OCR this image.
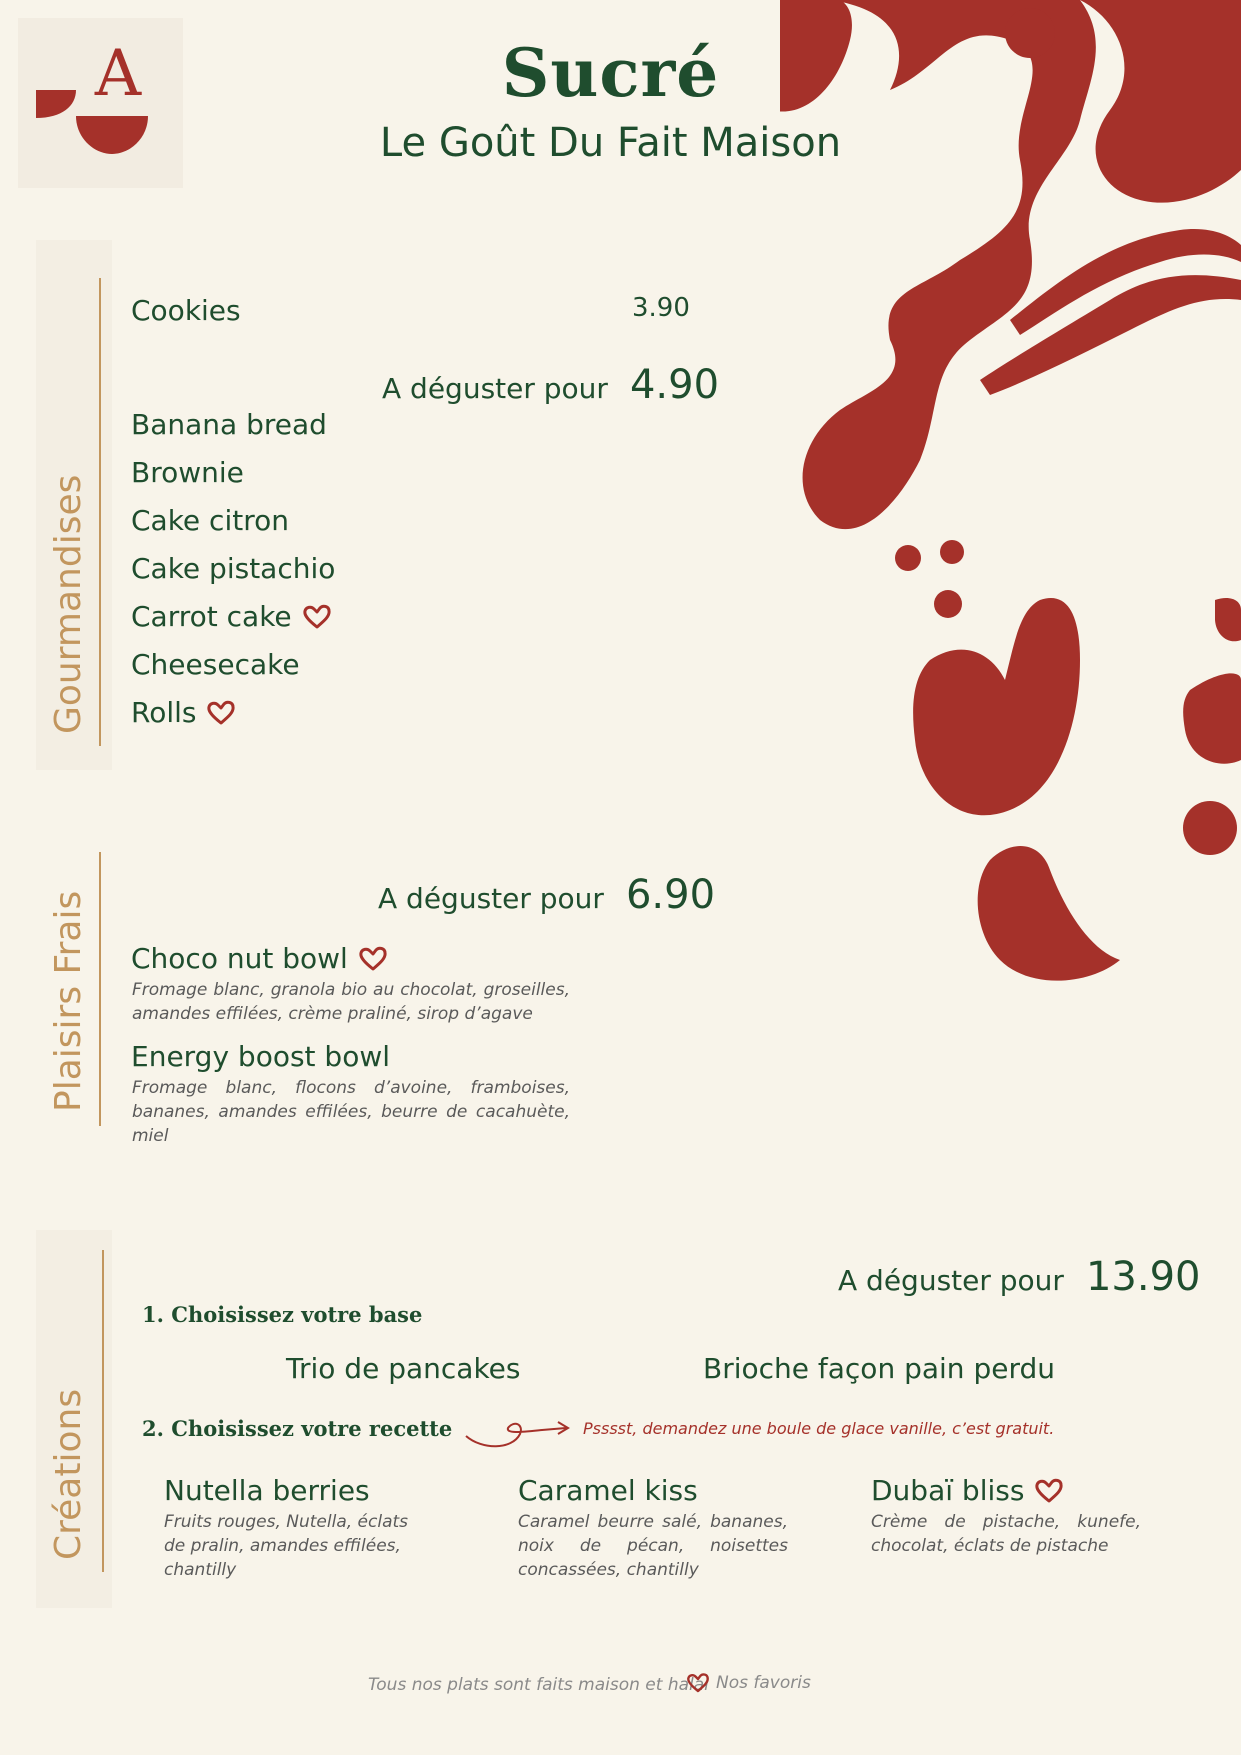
A	Sucré
Le Goût Du Fait Maison
Gourmandises
Cookies	3.90
A déguster pour 4.90
Banana bread
Brownie
Cake citron
Cake pistachio
Carrot cake
Cheesecake
Rolls
Plaisirs Frais	A déguster pour 6.90
Choco nut bowl
Fromage blanc, granola bio au chocolat, groseilles, amandes effilées, crème praliné, sirop d’agave
Energy boost bowl
Fromage blanc, flocons d’avoine, framboises, bananes, amandes effilées, beurre de cacahuète, miel
Créations
A déguster pour 13.90
1. Choisissez votre base
Trio de pancakes	Brioche façon pain perdu
2. Choisissez votre recette	Psssst, demandez une boule de glace vanille, c’est gratuit.
Nutella berries
Fruits rouges, Nutella, éclats de pralin, amandes effilées, chantilly
Caramel kiss
Caramel beurre salé, bananes, noix de pécan, noisettes concassées, chantilly
Dubaï bliss
Crème de pistache, kunefe, chocolat, éclats de pistache
Tous nos plats sont faits maison et halal Nos favoris
